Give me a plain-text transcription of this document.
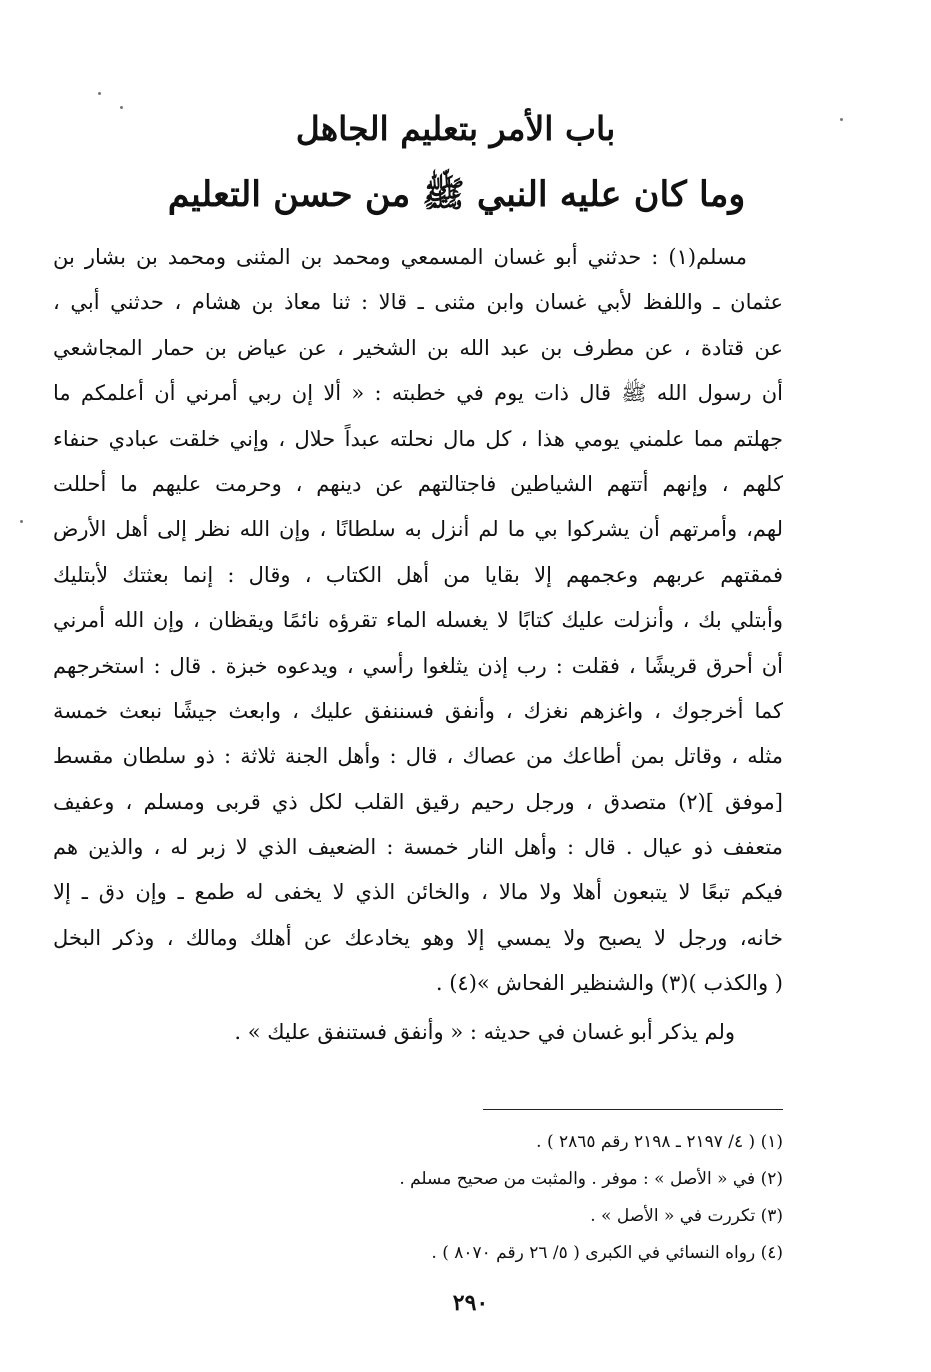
باب الأمر بتعليم الجاهل
وما كان عليه النبي ﷺ من حسن التعليم
مسلم(١) : حدثني أبو غسان المسمعي ومحمد بن المثنى ومحمد بن بشار بن
عثمان ـ واللفظ لأبي غسان وابن مثنى ـ قالا : ثنا معاذ بن هشام ، حدثني أبي ،
عن قتادة ، عن مطرف بن عبد الله بن الشخير ، عن عياض بن حمار المجاشعي
أن رسول الله ﷺ قال ذات يوم في خطبته : « ألا إن ربي أمرني أن أعلمكم ما
جهلتم مما علمني يومي هذا ، كل مال نحلته عبداً حلال ، وإني خلقت عبادي حنفاء
كلهم ، وإنهم أتتهم الشياطين فاجتالتهم عن دينهم ، وحرمت عليهم ما أحللت
لهم، وأمرتهم أن يشركوا بي ما لم أنزل به سلطانًا ، وإن الله نظر إلى أهل الأرض
فمقتهم عربهم وعجمهم إلا بقايا من أهل الكتاب ، وقال : إنما بعثتك لأبتليك
وأبتلي بك ، وأنزلت عليك كتابًا لا يغسله الماء تقرؤه نائمًا ويقظان ، وإن الله أمرني
أن أحرق قريشًا ، فقلت : رب إذن يثلغوا رأسي ، ويدعوه خبزة . قال : استخرجهم
كما أخرجوك ، واغزهم نغزك ، وأنفق فسننفق عليك ، وابعث جيشًا نبعث خمسة
مثله ، وقاتل بمن أطاعك من عصاك ، قال : وأهل الجنة ثلاثة : ذو سلطان مقسط
[موفق ](٢) متصدق ، ورجل رحيم رقيق القلب لكل ذي قربى ومسلم ، وعفيف
متعفف ذو عيال . قال : وأهل النار خمسة : الضعيف الذي لا زبر له ، والذين هم
فيكم تبعًا لا يتبعون أهلا ولا مالا ، والخائن الذي لا يخفى له طمع ـ وإن دق ـ إلا
خانه، ورجل لا يصبح ولا يمسي إلا وهو يخادعك عن أهلك ومالك ، وذكر البخل
( والكذب )(٣) والشنظير الفحاش »(٤) .
ولم يذكر أبو غسان في حديثه : « وأنفق فستنفق عليك » .
(١) ( ٤/ ٢١٩٧ ـ ٢١٩٨ رقم ٢٨٦٥ ) .
(٢) في « الأصل » : موفر . والمثبت من صحيح مسلم .
(٣) تكررت في « الأصل » .
(٤) رواه النسائي في الكبرى ( ٥/ ٢٦ رقم ٨٠٧٠ ) .
٢٩٠
